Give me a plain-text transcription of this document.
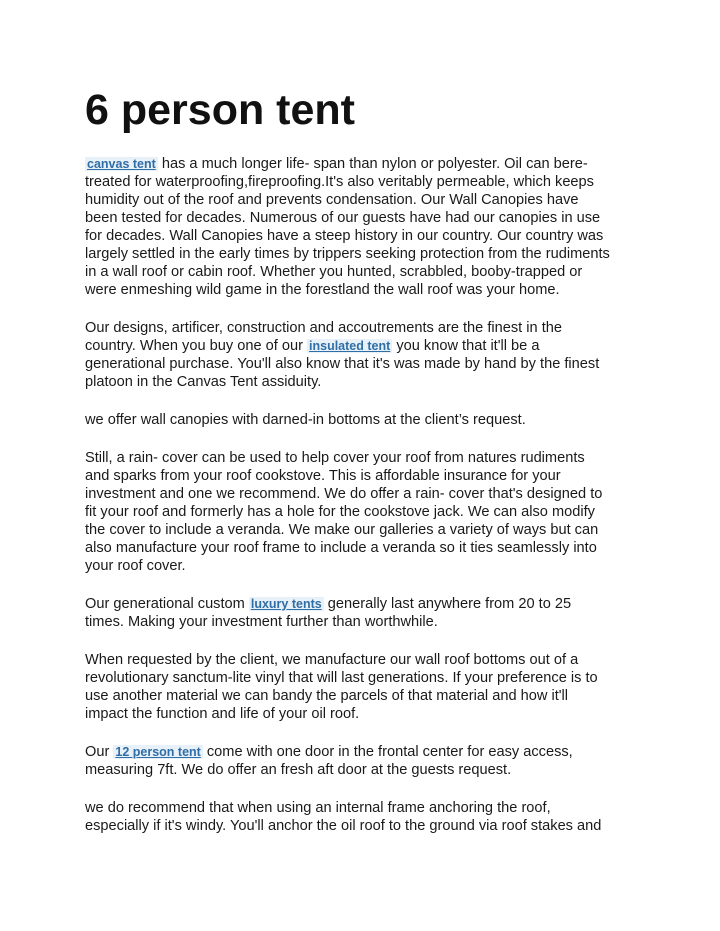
6 person tent
canvas tent has a much longer life- span than nylon or polyester. Oil can bere-
treated for waterproofing,fireproofing.It's also veritably permeable, which keeps
humidity out of the roof and prevents condensation. Our Wall Canopies have
been tested for decades. Numerous of our guests have had our canopies in use
for decades. Wall Canopies have a steep history in our country. Our country was
largely settled in the early times by trippers seeking protection from the rudiments
in a wall roof or cabin roof. Whether you hunted, scrabbled, booby-trapped or
were enmeshing wild game in the forestland the wall roof was your home.
Our designs, artificer, construction and accoutrements are the finest in the
country. When you buy one of our insulated tent you know that it'll be a
generational purchase. You'll also know that it's was made by hand by the finest
platoon in the Canvas Tent assiduity.
we offer wall canopies with darned-in bottoms at the client’s request.
Still, a rain- cover can be used to help cover your roof from natures rudiments
and sparks from your roof cookstove. This is affordable insurance for your
investment and one we recommend. We do offer a rain- cover that's designed to
fit your roof and formerly has a hole for the cookstove jack. We can also modify
the cover to include a veranda. We make our galleries a variety of ways but can
also manufacture your roof frame to include a veranda so it ties seamlessly into
your roof cover.
Our generational custom luxury tents generally last anywhere from 20 to 25
times. Making your investment further than worthwhile.
When requested by the client, we manufacture our wall roof bottoms out of a
revolutionary sanctum-lite vinyl that will last generations. If your preference is to
use another material we can bandy the parcels of that material and how it'll
impact the function and life of your oil roof.
Our 12 person tent come with one door in the frontal center for easy access,
measuring 7ft. We do offer an fresh aft door at the guests request.
we do recommend that when using an internal frame anchoring the roof,
especially if it's windy. You'll anchor the oil roof to the ground via roof stakes and
